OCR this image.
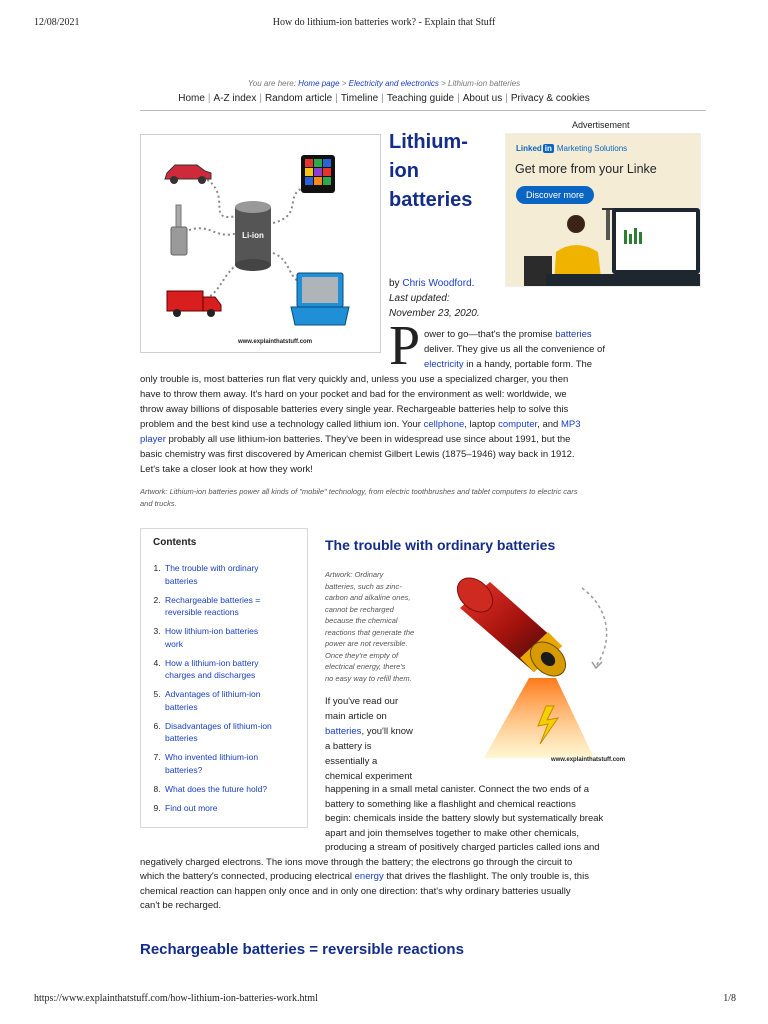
12/08/2021	How do lithium-ion batteries work? - Explain that Stuff
You are here: Home page > Electricity and electronics > Lithium-ion batteries
Home | A-Z index | Random article | Timeline | Teaching guide | About us | Privacy & cookies
Li-ion
www.explainthatstuff.com
Lithium-
ion
batteries
by Chris Woodford.
Last updated:
November 23, 2020.
Advertisement
Linked in Marketing Solutions
Get more from your Linke
Discover more
P ower to go—that's the promise batteries
deliver. They give us all the convenience of
electricity in a handy, portable form. The
only trouble is, most batteries run flat very quickly and, unless you use a specialized charger, you then
have to throw them away. It's hard on your pocket and bad for the environment as well: worldwide, we
throw away billions of disposable batteries every single year. Rechargeable batteries help to solve this
problem and the best kind use a technology called lithium ion. Your cellphone, laptop computer, and MP3
player probably all use lithium-ion batteries. They've been in widespread use since about 1991, but the
basic chemistry was first discovered by American chemist Gilbert Lewis (1875–1946) way back in 1912.
Let's take a closer look at how they work!
Artwork: Lithium-ion batteries power all kinds of "mobile" technology, from electric toothbrushes and tablet computers to electric cars
and trucks.
Contents
1. The trouble with ordinary
batteries
2. Rechargeable batteries =
reversible reactions
3. How lithium-ion batteries
work
4. How a lithium-ion battery
charges and discharges
5. Advantages of lithium-ion
batteries
6. Disadvantages of lithium-ion
batteries
7. Who invented lithium-ion
batteries?
8. What does the future hold?
9. Find out more
The trouble with ordinary batteries
Artwork: Ordinary
batteries, such as zinc-
carbon and alkaline ones,
cannot be recharged
because the chemical
reactions that generate the
power are not reversible.
Once they're empty of
electrical energy, there's
no easy way to refill them.
www.explainthatstuff.com
If you've read our
main article on
batteries, you'll know
a battery is
essentially a
chemical experiment
happening in a small metal canister. Connect the two ends of a
battery to something like a flashlight and chemical reactions
begin: chemicals inside the battery slowly but systematically break
apart and join themselves together to make other chemicals,
producing a stream of positively charged particles called ions and
negatively charged electrons. The ions move through the battery; the electrons go through the circuit to
which the battery's connected, producing electrical energy that drives the flashlight. The only trouble is, this
chemical reaction can happen only once and in only one direction: that's why ordinary batteries usually
can't be recharged.
Rechargeable batteries = reversible reactions
https://www.explainthatstuff.com/how-lithium-ion-batteries-work.html	1/8
